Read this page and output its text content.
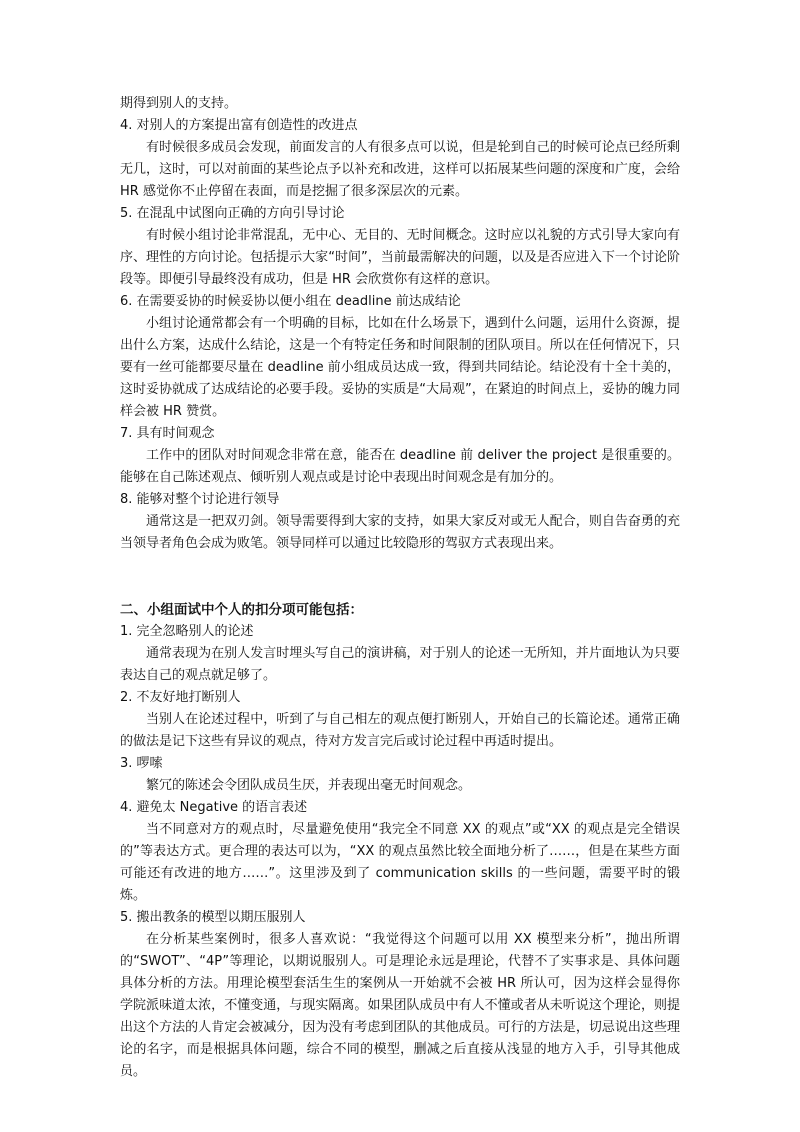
期得到别人的支持。
4. 对别人的方案提出富有创造性的改进点

有时候很多成员会发现，前面发言的人有很多点可以说，但是轮到自己的时候可论点已经所剩无几，这时，可以对前面的某些论点予以补充和改进，这样可以拓展某些问题的深度和广度，会给 HR 感觉你不止停留在表面，而是挖掘了很多深层次的元素。

5. 在混乱中试图向正确的方向引导讨论

有时候小组讨论非常混乱，无中心、无目的、无时间概念。这时应以礼貌的方式引导大家向有序、理性的方向讨论。包括提示大家“时间”，当前最需解决的问题，以及是否应进入下一个讨论阶段等。即便引导最终没有成功，但是 HR 会欣赏你有这样的意识。

6. 在需要妥协的时候妥协以便小组在 deadline 前达成结论

小组讨论通常都会有一个明确的目标，比如在什么场景下，遇到什么问题，运用什么资源，提出什么方案，达成什么结论，这是一个有特定任务和时间限制的团队项目。所以在任何情况下，只要有一丝可能都要尽量在 deadline 前小组成员达成一致，得到共同结论。结论没有十全十美的，这时妥协就成了达成结论的必要手段。妥协的实质是“大局观”，在紧迫的时间点上，妥协的魄力同样会被 HR 赞赏。

7. 具有时间观念

工作中的团队对时间观念非常在意，能否在 deadline 前 deliver the project 是很重要的。能够在自己陈述观点、倾听别人观点或是讨论中表现出时间观念是有加分的。

8. 能够对整个讨论进行领导

通常这是一把双刃剑。领导需要得到大家的支持，如果大家反对或无人配合，则自告奋勇的充当领导者角色会成为败笔。领导同样可以通过比较隐形的驾驭方式表现出来。

二、小组面试中个人的扣分项可能包括：

1. 完全忽略别人的论述

通常表现为在别人发言时埋头写自己的演讲稿，对于别人的论述一无所知，并片面地认为只要表达自己的观点就足够了。

2. 不友好地打断别人

当别人在论述过程中，听到了与自己相左的观点便打断别人，开始自己的长篇论述。通常正确的做法是记下这些有异议的观点，待对方发言完后或讨论过程中再适时提出。

3. 啰嗦

繁冗的陈述会令团队成员生厌，并表现出毫无时间观念。

4. 避免太 Negative 的语言表述

当不同意对方的观点时，尽量避免使用“我完全不同意 XX 的观点”或“XX 的观点是完全错误的”等表达方式。更合理的表达可以为，“XX 的观点虽然比较全面地分析了……，但是在某些方面可能还有改进的地方……”。这里涉及到了 communication skills 的一些问题，需要平时的锻炼。

5. 搬出教条的模型以期压服别人

在分析某些案例时，很多人喜欢说：“我觉得这个问题可以用 XX 模型来分析”，抛出所谓的“SWOT”、“4P”等理论，以期说服别人。可是理论永远是理论，代替不了实事求是、具体问题具体分析的方法。用理论模型套活生生的案例从一开始就不会被 HR 所认可，因为这样会显得你学院派味道太浓，不懂变通，与现实隔离。如果团队成员中有人不懂或者从未听说这个理论，则提出这个方法的人肯定会被减分，因为没有考虑到团队的其他成员。可行的方法是，切忌说出这些理论的名字，而是根据具体问题，综合不同的模型，删减之后直接从浅显的地方入手，引导其他成员。
